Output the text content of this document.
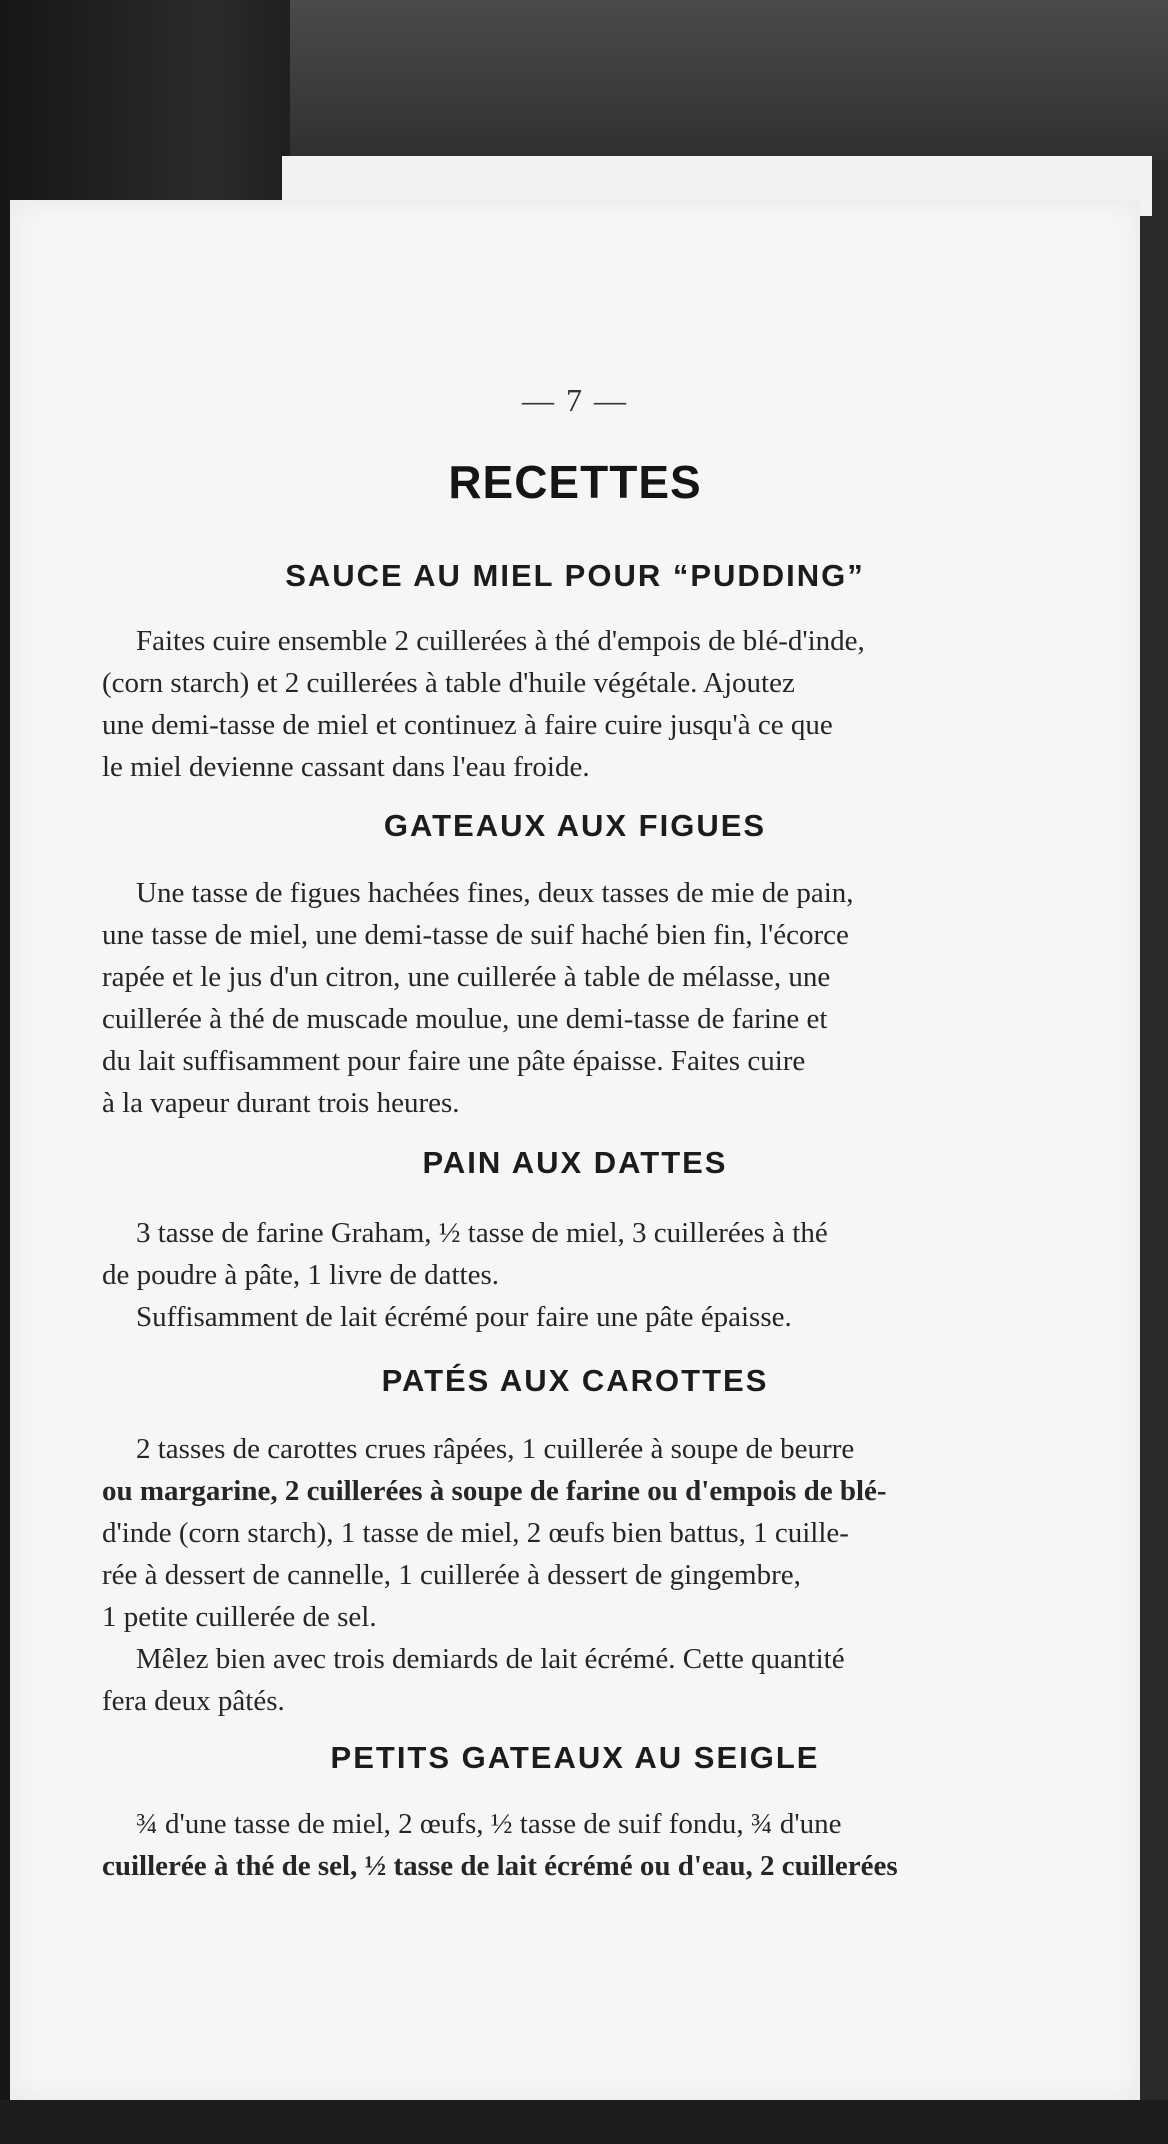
— 7 —
RECETTES
SAUCE AU MIEL POUR “PUDDING”
Faites cuire ensemble 2 cuillerées à thé d'empois de blé-d'inde,
(corn starch) et 2 cuillerées à table d'huile végétale. Ajoutez
une demi-tasse de miel et continuez à faire cuire jusqu'à ce que
le miel devienne cassant dans l'eau froide.
GATEAUX AUX FIGUES
Une tasse de figues hachées fines, deux tasses de mie de pain,
une tasse de miel, une demi-tasse de suif haché bien fin, l'écorce
rapée et le jus d'un citron, une cuillerée à table de mélasse, une
cuillerée à thé de muscade moulue, une demi-tasse de farine et
du lait suffisamment pour faire une pâte épaisse. Faites cuire
à la vapeur durant trois heures.
PAIN AUX DATTES
3 tasse de farine Graham, ½ tasse de miel, 3 cuillerées à thé
de poudre à pâte, 1 livre de dattes.
Suffisamment de lait écrémé pour faire une pâte épaisse.
PATÉS AUX CAROTTES
2 tasses de carottes crues râpées, 1 cuillerée à soupe de beurre
ou margarine, 2 cuillerées à soupe de farine ou d'empois de blé-
d'inde (corn starch), 1 tasse de miel, 2 œufs bien battus, 1 cuille-
rée à dessert de cannelle, 1 cuillerée à dessert de gingembre,
1 petite cuillerée de sel.
Mêlez bien avec trois demiards de lait écrémé. Cette quantité
fera deux pâtés.
PETITS GATEAUX AU SEIGLE
¾ d'une tasse de miel, 2 œufs, ½ tasse de suif fondu, ¾ d'une
cuillerée à thé de sel, ½ tasse de lait écrémé ou d'eau, 2 cuillerées
